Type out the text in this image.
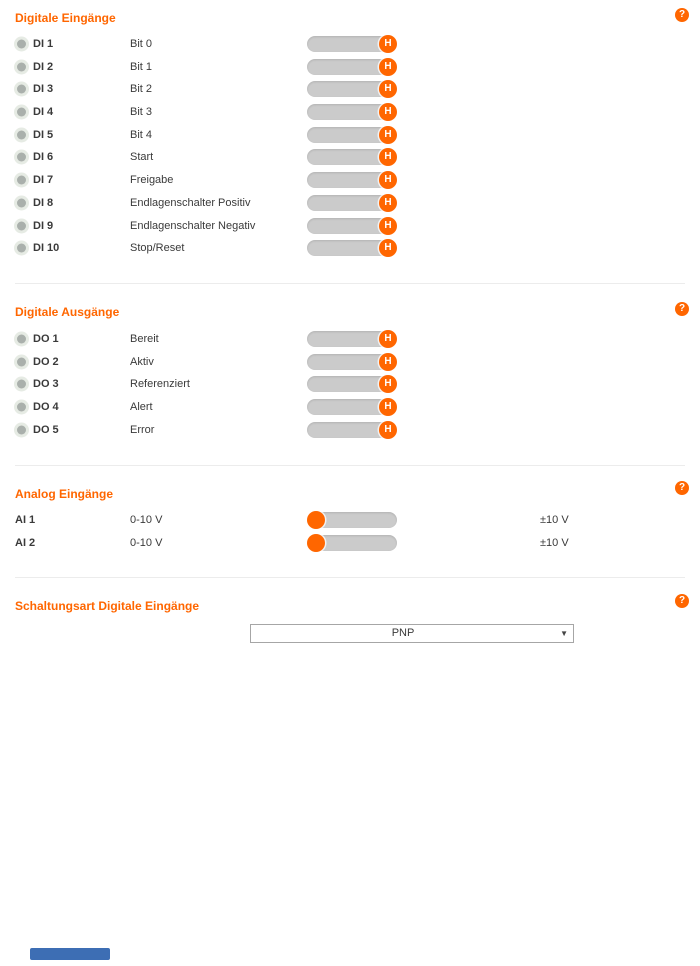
Digitale Eingänge	?
DI 1	Bit 0	H
DI 2	Bit 1	H
DI 3	Bit 2	H
DI 4	Bit 3	H
DI 5	Bit 4	H
DI 6	Start	H
DI 7	Freigabe	H
DI 8	Endlagenschalter Positiv	H
DI 9	Endlagenschalter Negativ	H
DI 10	Stop/Reset	H
Digitale Ausgänge	?
DO 1	Bereit	H
DO 2	Aktiv	H
DO 3	Referenziert	H
DO 4	Alert	H
DO 5	Error	H
Analog Eingänge	?
AI 1	0-10 V	±10 V
AI 2	0-10 V	±10 V
Schaltungsart Digitale Eingänge	?
PNP	▼
